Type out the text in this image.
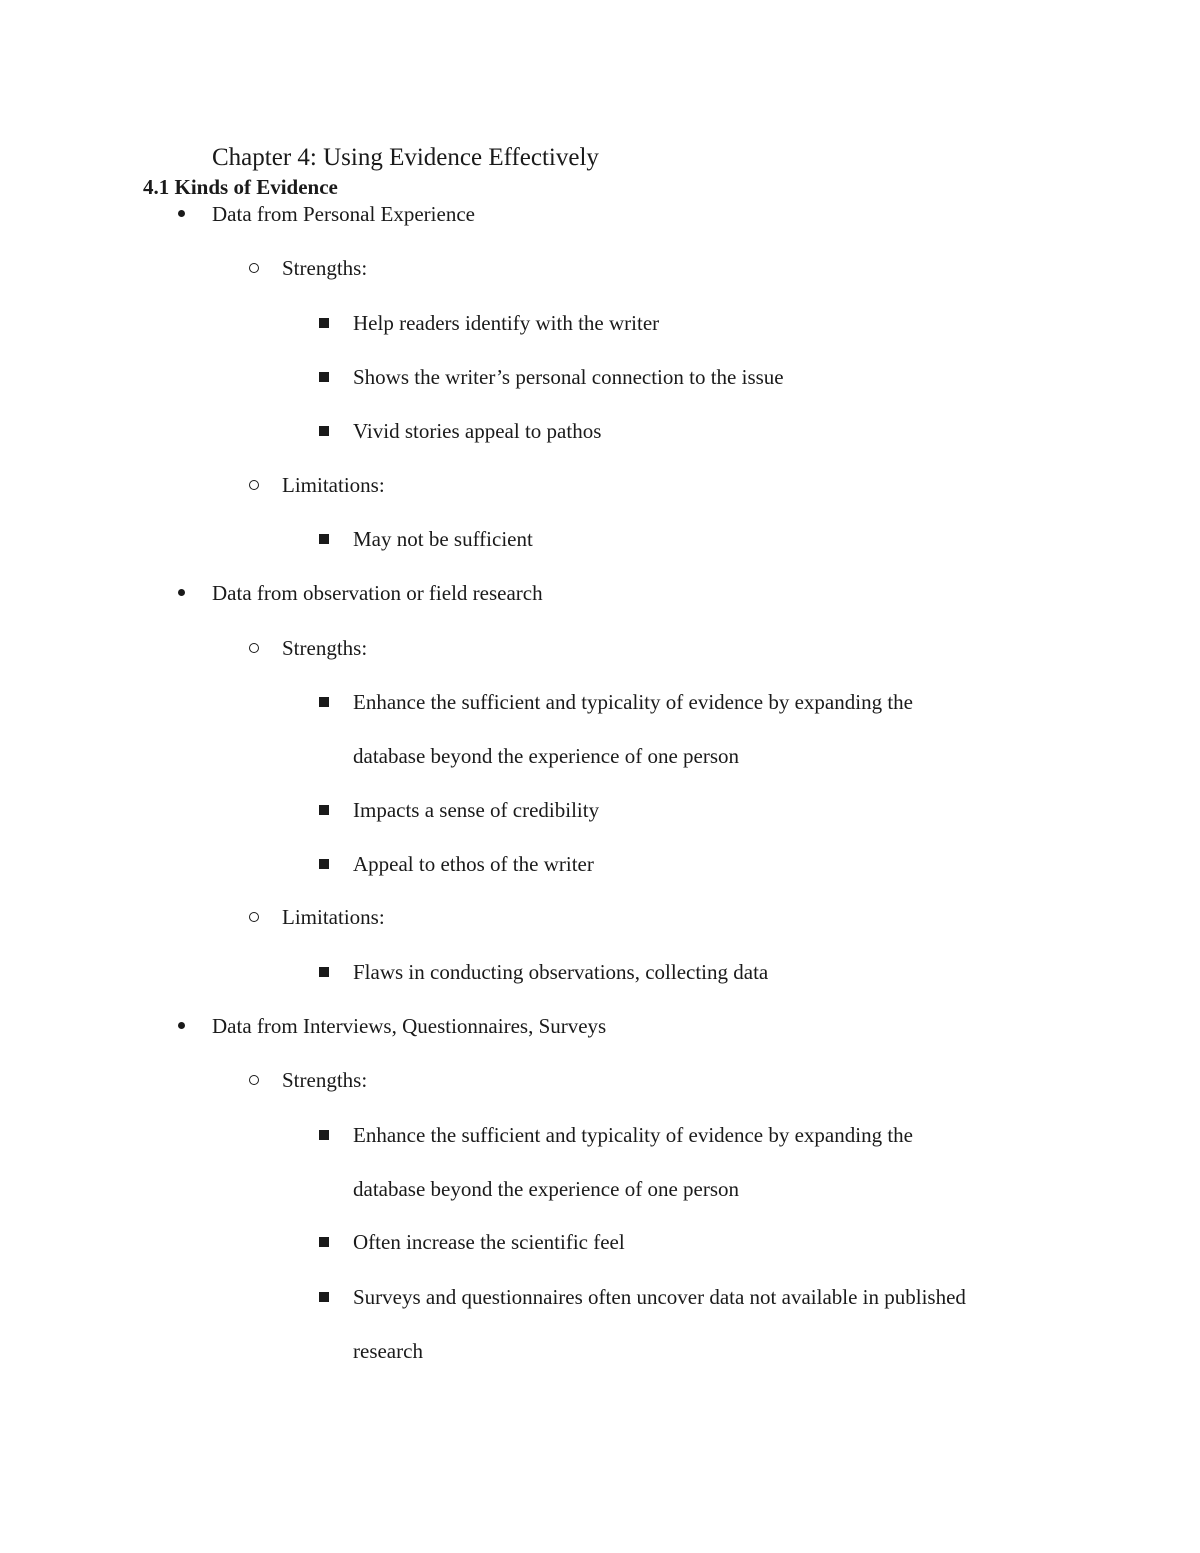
Chapter 4: Using Evidence Effectively
4.1 Kinds of Evidence
Data from Personal Experience
Strengths:
Help readers identify with the writer
Shows the writer’s personal connection to the issue
Vivid stories appeal to pathos
Limitations:
May not be sufficient
Data from observation or field research
Strengths:
Enhance the sufficient and typicality of evidence by expanding the
database beyond the experience of one person
Impacts a sense of credibility
Appeal to ethos of the writer
Limitations:
Flaws in conducting observations, collecting data
Data from Interviews, Questionnaires, Surveys
Strengths:
Enhance the sufficient and typicality of evidence by expanding the
database beyond the experience of one person
Often increase the scientific feel
Surveys and questionnaires often uncover data not available in published
research
